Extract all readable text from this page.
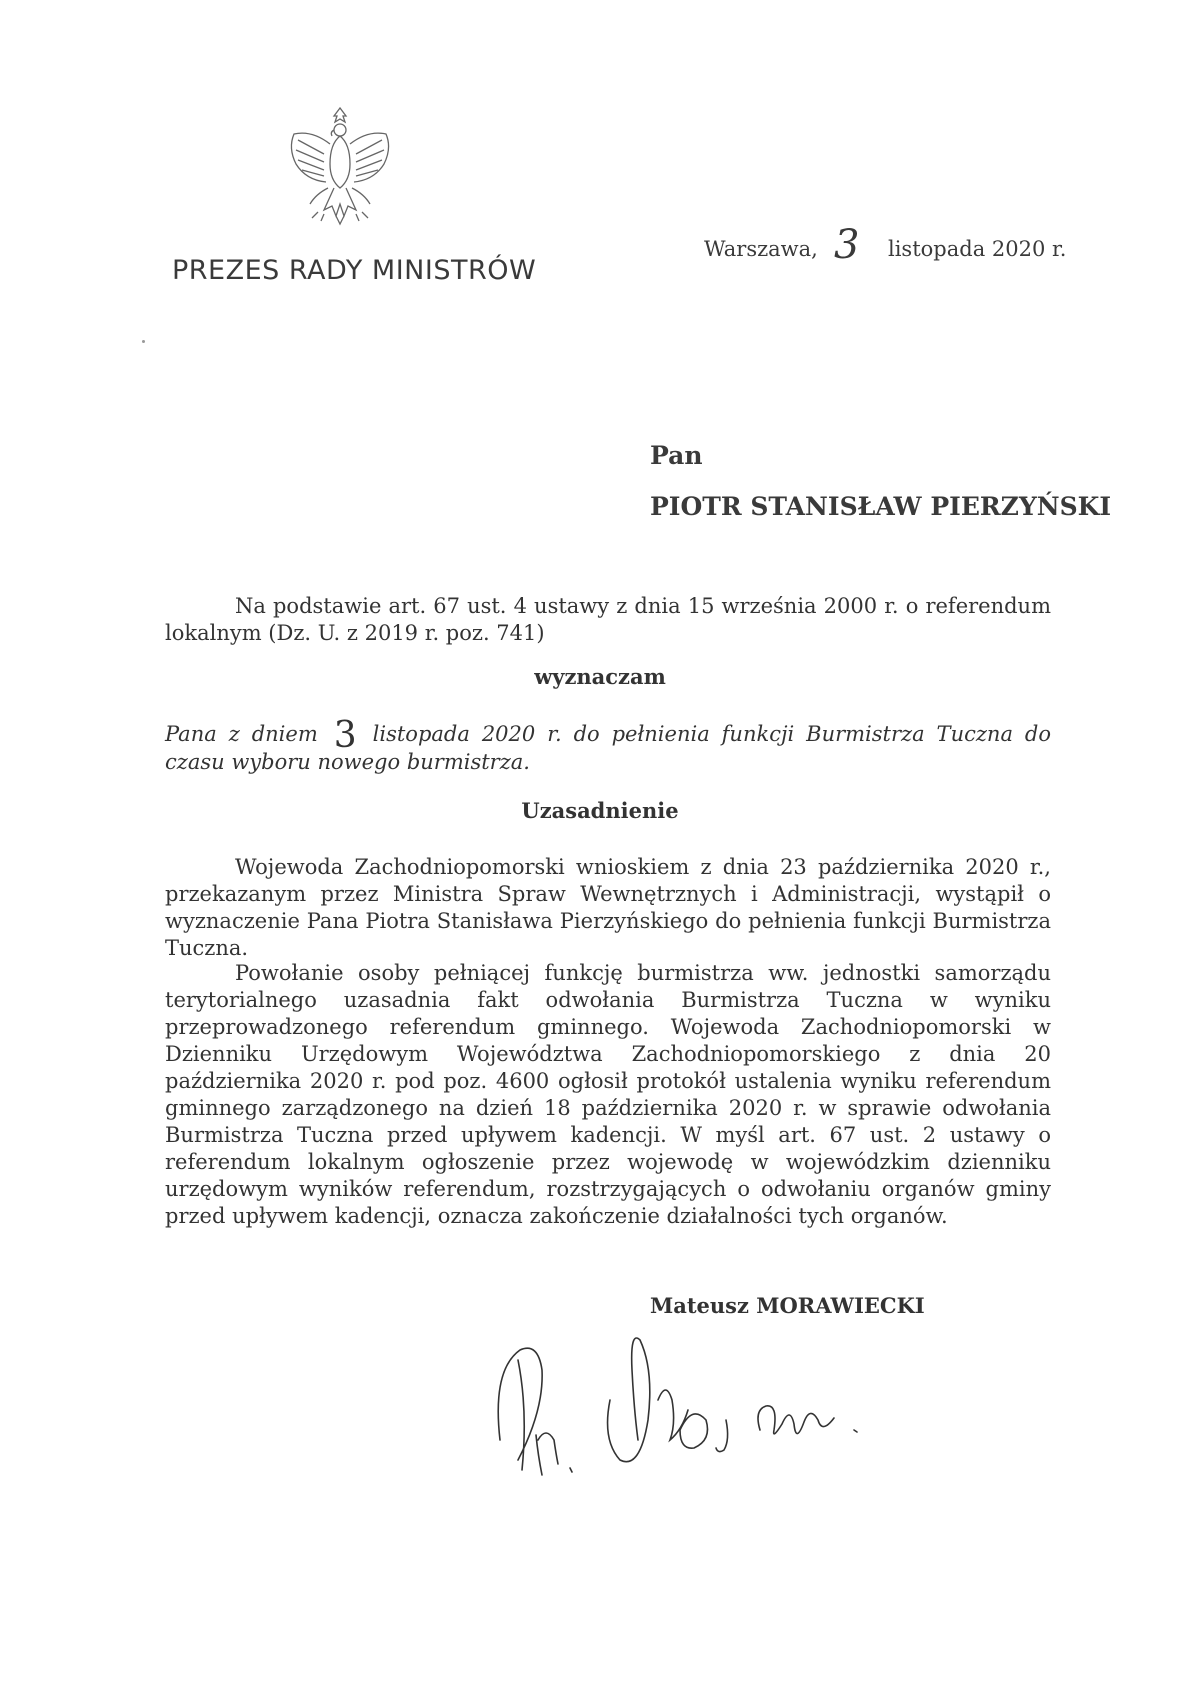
PREZES RADY MINISTRÓW
Warszawa, 3 listopada 2020 r.
Pan
PIOTR STANISŁAW PIERZYŃSKI
Na podstawie art. 67 ust. 4 ustawy z dnia 15 września 2000 r. o referendum lokalnym (Dz. U. z 2019 r. poz. 741)
wyznaczam
Pana z dniem 3 listopada 2020 r. do pełnienia funkcji Burmistrza Tuczna do czasu wyboru nowego burmistrza.
Uzasadnienie
Wojewoda Zachodniopomorski wnioskiem z dnia 23 października 2020 r., przekazanym przez Ministra Spraw Wewnętrznych i Administracji, wystąpił o wyznaczenie Pana Piotra Stanisława Pierzyńskiego do pełnienia funkcji Burmistrza Tuczna.
Powołanie osoby pełniącej funkcję burmistrza ww. jednostki samorządu terytorialnego uzasadnia fakt odwołania Burmistrza Tuczna w wyniku przeprowadzonego referendum gminnego. Wojewoda Zachodniopomorski w Dzienniku Urzędowym Województwa Zachodniopomorskiego z dnia 20 października 2020 r. pod poz. 4600 ogłosił protokół ustalenia wyniku referendum gminnego zarządzonego na dzień 18 października 2020 r. w sprawie odwołania Burmistrza Tuczna przed upływem kadencji. W myśl art. 67 ust. 2 ustawy o referendum lokalnym ogłoszenie przez wojewodę w wojewódzkim dzienniku urzędowym wyników referendum, rozstrzygających o odwołaniu organów gminy przed upływem kadencji, oznacza zakończenie działalności tych organów.
Mateusz MORAWIECKI
